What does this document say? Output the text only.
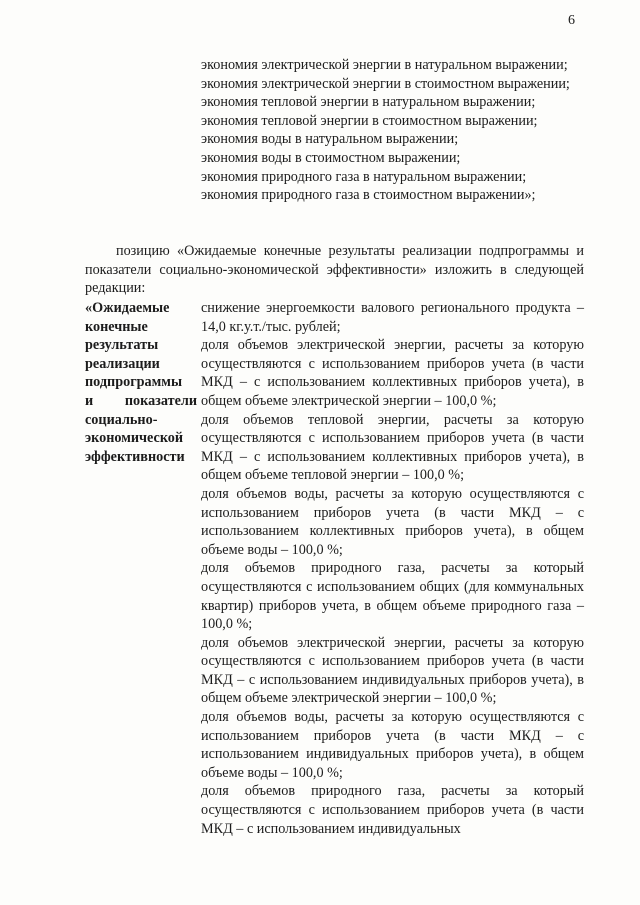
6
экономия электрической энергии в натуральном выражении;
экономия электрической энергии в стоимостном выражении;
экономия тепловой энергии в натуральном выражении;
экономия тепловой энергии в стоимостном выражении;
экономия воды в натуральном выражении;
экономия воды в стоимостном выражении;
экономия природного газа в натуральном выражении;
экономия природного газа в стоимостном выражении»;
позицию «Ожидаемые конечные результаты реализации подпрограммы и показатели социально-экономической эффективности» изложить в следующей редакции:
«Ожидаемые
конечные
результаты
реализации
подпрограммы
и показатели
социально-
экономической
эффективности
снижение энергоемкости валового регионального продукта – 14,0 кг.у.т./тыс. рублей;
доля объемов электрической энергии, расчеты за которую осуществляются с использованием приборов учета (в части МКД – с использованием коллективных приборов учета), в общем объеме электрической энергии – 100,0 %;
доля объемов тепловой энергии, расчеты за которую осуществляются с использованием приборов учета (в части МКД – с использованием коллективных приборов учета), в общем объеме тепловой энергии – 100,0 %;
доля объемов воды, расчеты за которую осуществляются с использованием приборов учета (в части МКД – с использованием коллективных приборов учета), в общем объеме воды – 100,0 %;
доля объемов природного газа, расчеты за который осуществляются с использованием общих (для коммунальных квартир) приборов учета, в общем объеме природного газа – 100,0 %;
доля объемов электрической энергии, расчеты за которую осуществляются с использованием приборов учета (в части МКД – с использованием индивидуальных приборов учета), в общем объеме электрической энергии – 100,0 %;
доля объемов воды, расчеты за которую осуществляются с использованием приборов учета (в части МКД – с использованием индивидуальных приборов учета), в общем объеме воды – 100,0 %;
доля объемов природного газа, расчеты за который осуществляются с использованием приборов учета (в части МКД – с использованием индивидуальных
